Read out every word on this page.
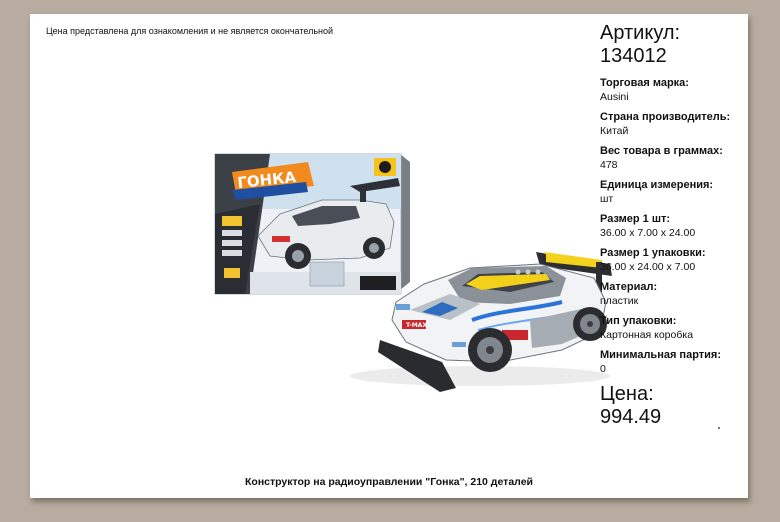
Цена представлена для ознакомления и не является окончательной
ГОНКА
T-MAX
Артикул:
134012
Торговая марка:
Ausini
Страна производитель:
Китай
Вес товара в граммах:
478
Единица измерения:
шт
Размер 1 шт:
36.00 x 7.00 x 24.00
Размер 1 упаковки:
36.00 x 24.00 x 7.00
Материал:
пластик
Тип упаковки:
Картонная коробка
Минимальная партия:
0
Цена:
994.49
Конструктор на радиоуправлении "Гонка", 210 деталей
